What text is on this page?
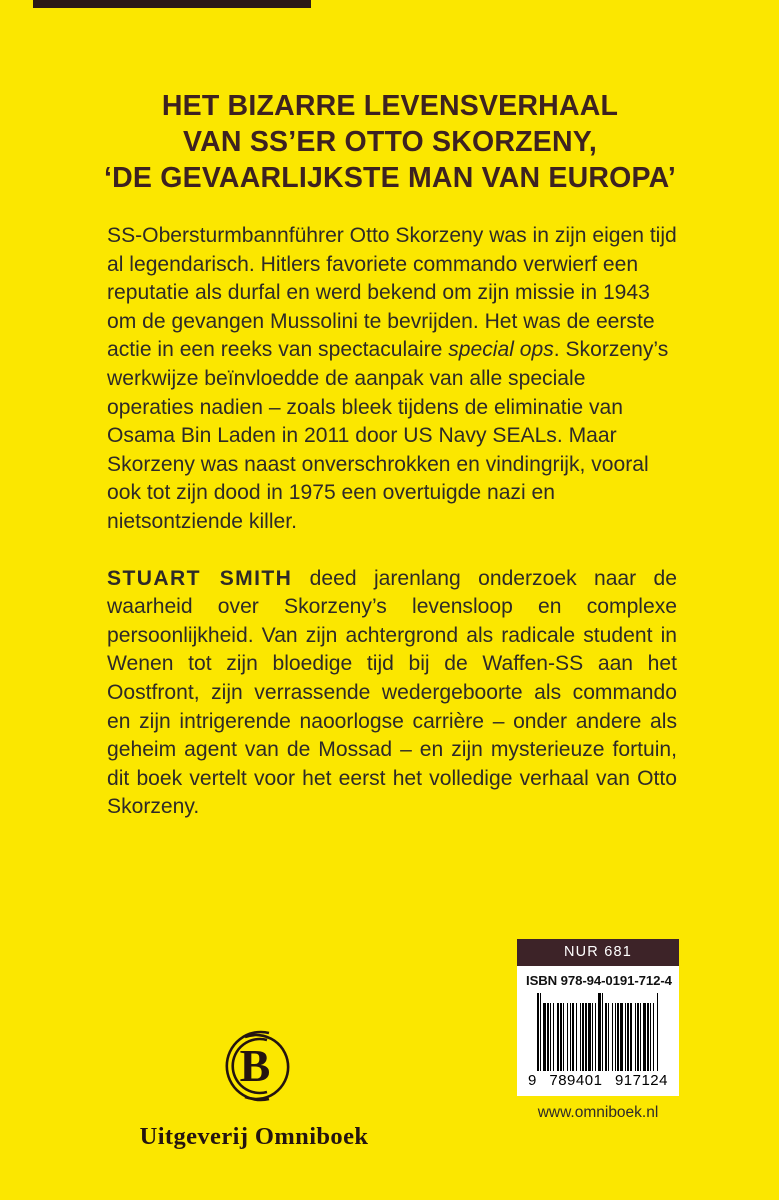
HET BIZARRE LEVENSVERHAAL
VAN SS’ER OTTO SKORZENY,
‘DE GEVAARLIJKSTE MAN VAN EUROPA’

SS-Obersturmbannführer Otto Skorzeny was in zijn eigen tijd al legendarisch. Hitlers favoriete commando verwierf een reputatie als durfal en werd bekend om zijn missie in 1943 om de gevangen Mussolini te bevrijden. Het was de eerste actie in een reeks van spectaculaire special ops. Skorzeny’s werkwijze beïnvloedde de aanpak van alle speciale operaties nadien – zoals bleek tijdens de eliminatie van Osama Bin Laden in 2011 door US Navy SEALs. Maar Skorzeny was naast onverschrokken en vindingrijk, vooral ook tot zijn dood in 1975 een overtuigde nazi en nietsontziende killer.

STUART SMITH deed jarenlang onderzoek naar de waarheid over Skorzeny’s levensloop en complexe persoonlijkheid. Van zijn achtergrond als radicale student in Wenen tot zijn bloedige tijd bij de Waffen-SS aan het Oostfront, zijn verrassende wedergeboorte als commando en zijn intrigerende naoorlogse carrière – onder andere als geheim agent van de Mossad – en zijn mysterieuze fortuin, dit boek vertelt voor het eerst het volledige verhaal van Otto Skorzeny.

B
Uitgeverij Omniboek
NUR 681
ISBN 978-94-0191-712-4
9 789401 917124
www.omniboek.nl
